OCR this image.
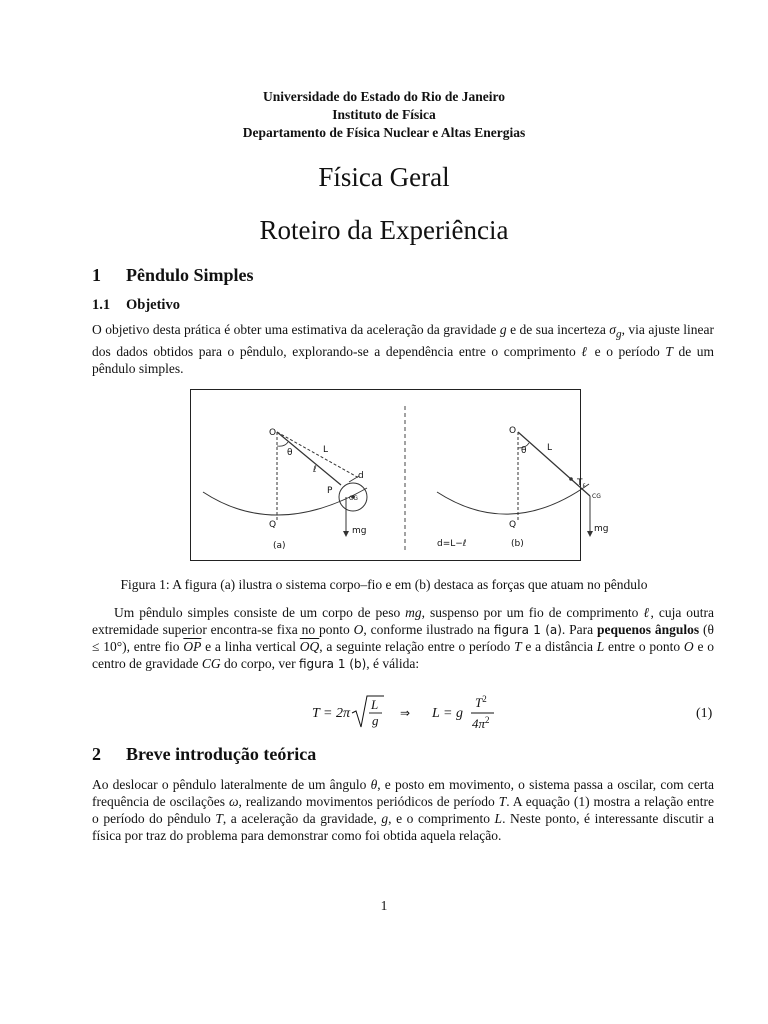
Universidade do Estado do Rio de Janeiro
Instituto de Física
Departamento de Física Nuclear e Altas Energias
Física Geral
Roteiro da Experiência
1 Pêndulo Simples
1.1 Objetivo

O objetivo desta prática é obter uma estimativa da aceleração da gravidade g e de sua incerteza $\sigma_g$, via ajuste linear dos dados obtidos para o pêndulo, explorando-se a dependência entre o comprimento ℓ e o período T de um pêndulo simples.

O
θ	L
ℓ
d
P
CG
Q
mg
(a)
O
θ L
$T_\varepsilon$
CG
Q	mg
d=L−ℓ	(b)
Figura 1: A figura (a) ilustra o sistema corpo–fio e em (b) destaca as forças que atuam no pêndulo

Um pêndulo simples consiste de um corpo de peso mg, suspenso por um fio de comprimento ℓ, cuja outra extremidade superior encontra-se fixa no ponto O, conforme ilustrado na figura 1 (a). Para pequenos ângulos (θ ≤ 10°), entre fio $\overline{OP}$ e a linha vertical $\overline{OQ}$, a seguinte relação entre o período T e a distância L entre o ponto O e o centro de gravidade CG do corpo, ver figura 1 (b), é válida:

T = 2π
L
g ⇒ L = g
$T^2$
$4\pi^2$	(1)
2 Breve introdução teórica

Ao deslocar o pêndulo lateralmente de um ângulo θ, e posto em movimento, o sistema passa a oscilar, com certa frequência de oscilações ω, realizando movimentos periódicos de período T. A equação (1) mostra a relação entre o período do pêndulo T, a aceleração da gravidade, g, e o comprimento L. Neste ponto, é interessante discutir a física por traz do problema para demonstrar como foi obtida aquela relação.

1
